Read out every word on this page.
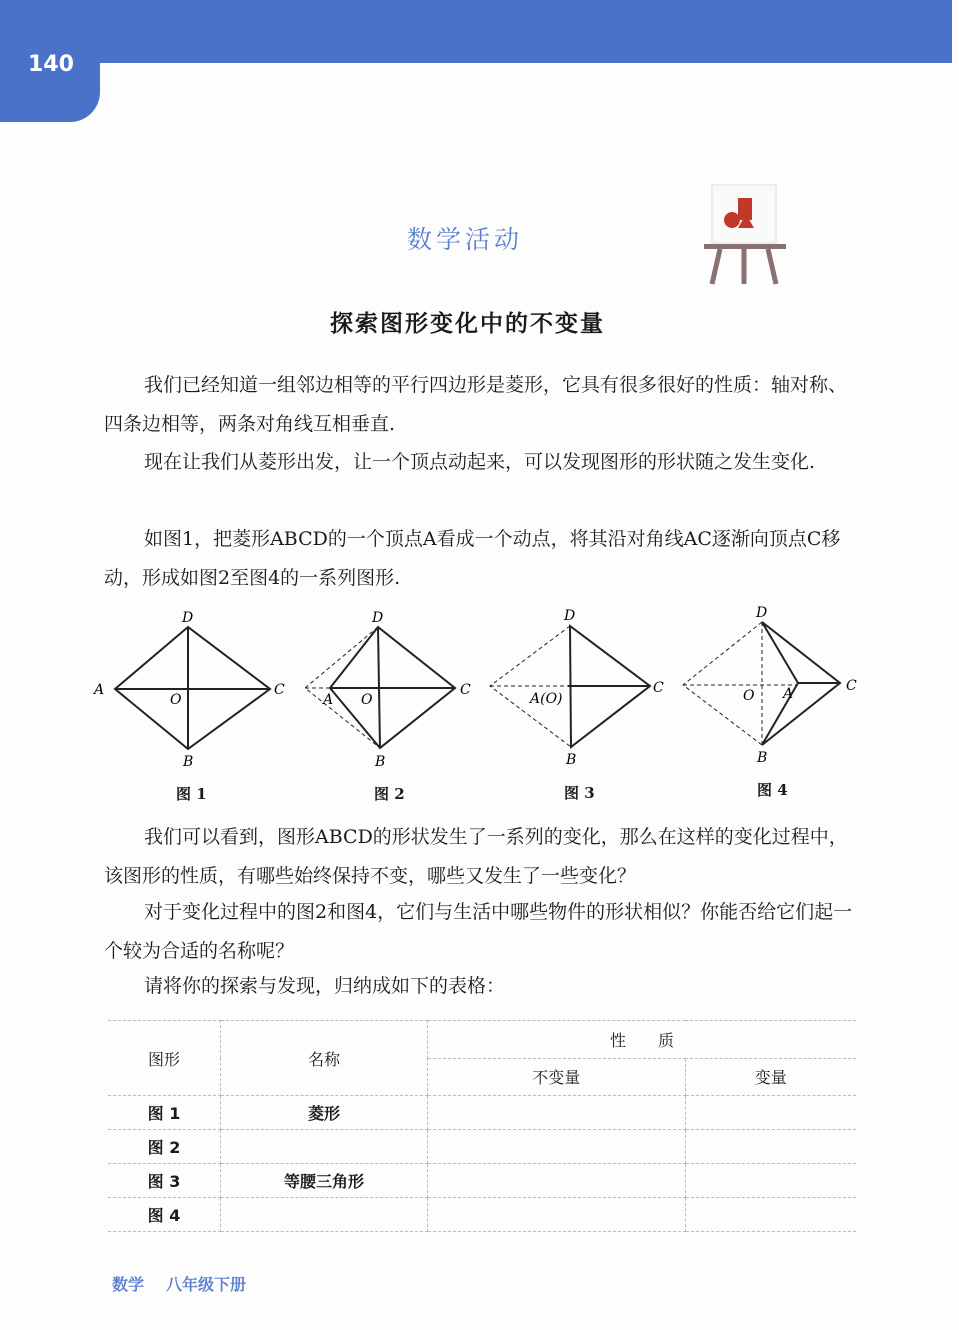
140
数学活动
探索图形变化中的不变量
我们已经知道一组邻边相等的平行四边形是菱形，它具有很多很好的性质：轴对称、四条边相等，两条对角线互相垂直.
现在让我们从菱形出发，让一个顶点动起来，可以发现图形的形状随之发生变化.
如图1，把菱形ABCD的一个顶点A看成一个动点，将其沿对角线AC逐渐向顶点C移动，形成如图2至图4的一系列图形.
A
D
C
B
O
D
A O
C
B
D
A(O)
C
B
D
O A	C
B
图 1	图 2	图 3	图 4
我们可以看到，图形ABCD的形状发生了一系列的变化，那么在这样的变化过程中，该图形的性质，有哪些始终保持不变，哪些又发生了一些变化？
对于变化过程中的图2和图4，它们与生活中哪些物件的形状相似？你能否给它们起一个较为合适的名称呢？
请将你的探索与发现，归纳成如下的表格：
图形	名称	性　　质	
		不变量	变量
图 1	菱形		
图 2			
图 3	等腰三角形		
图 4			
数学 八年级下册
